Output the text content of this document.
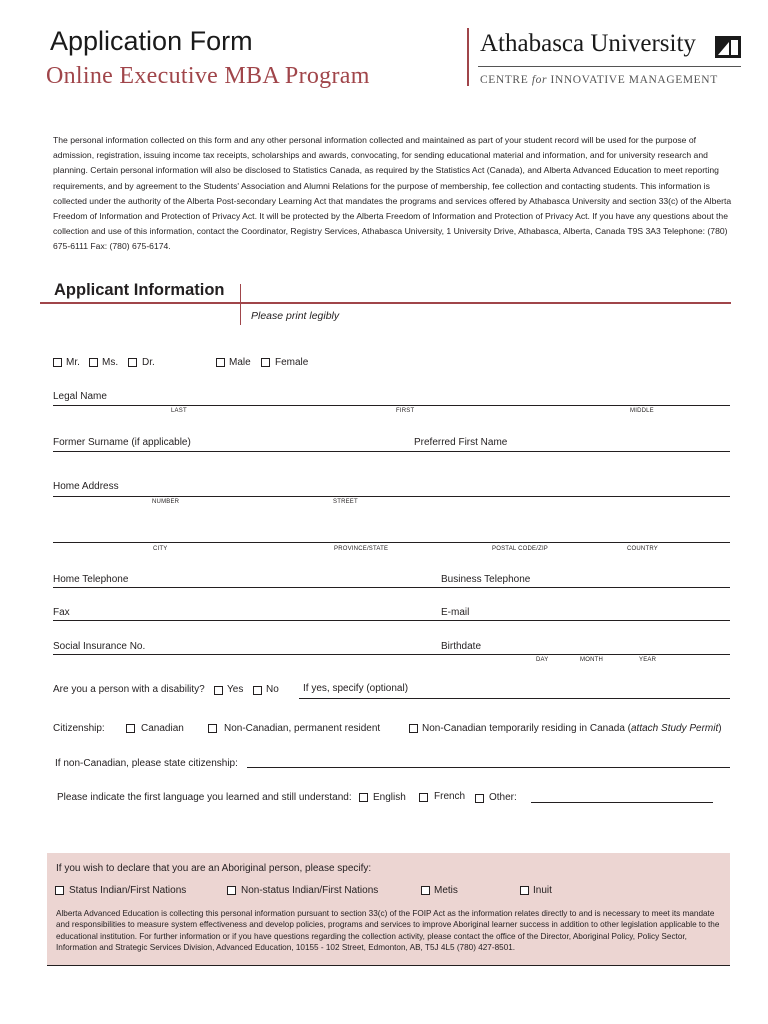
Application Form
Online Executive MBA Program
Athabasca University
CENTRE for INNOVATIVE MANAGEMENT
The personal information collected on this form and any other personal information collected and maintained as part of your student record will be used for the purpose of admission, registration, issuing income tax receipts, scholarships and awards, convocating, for sending educational material and information, and for university research and planning. Certain personal information will also be disclosed to Statistics Canada, as required by the Statistics Act (Canada), and Alberta Advanced Education to meet reporting requirements, and by agreement to the Students' Association and Alumni Relations for the purpose of membership, fee collection and contacting students. This information is collected under the authority of the Alberta Post-secondary Learning Act that mandates the programs and services offered by Athabasca University and section 33(c) of the Alberta Freedom of Information and Protection of Privacy Act. It will be protected by the Alberta Freedom of Information and Protection of Privacy Act. If you have any questions about the collection and use of this information, contact the Coordinator, Registry Services, Athabasca University, 1 University Drive, Athabasca, Alberta, Canada T9S 3A3 Telephone: (780) 675-6111 Fax: (780) 675-6174.
Applicant Information
Please print legibly
Mr. Ms. Dr.	Male Female
Legal Name
LAST	FIRST	MIDDLE
Former Surname (if applicable)	Preferred First Name
Home Address
NUMBER	STREET
CITY	PROVINCE/STATE	POSTAL CODE/ZIP	COUNTRY
Home Telephone	Business Telephone
Fax	E-mail
Social Insurance No.	Birthdate
DAY	MONTH	YEAR
Are you a person with a disability? Yes No If yes, specify (optional)
Citizenship:	Canadian	Non-Canadian, permanent resident	Non-Canadian temporarily residing in Canada (attach Study Permit)
If non-Canadian, please state citizenship:
Please indicate the ﬁrst language you learned and still understand: English	French Other:
If you wish to declare that you are an Aboriginal person, please specify:
Status Indian/First Nations	Non-status Indian/First Nations	Metis	Inuit
Alberta Advanced Education is collecting this personal information pursuant to section 33(c) of the FOIP Act as the information relates directly to and is necessary to meet its mandate and responsibilities to measure system effectiveness and develop policies, programs and services to improve Aboriginal learner success in addition to other legislation applicable to the educational institution. For further information or if you have questions regarding the collection activity, please contact the ofﬁce of the Director, Aboriginal Policy, Policy Sector, Information and Strategic Services Division, Advanced Education, 10155 - 102 Street, Edmonton, AB, T5J 4L5 (780) 427-8501.
